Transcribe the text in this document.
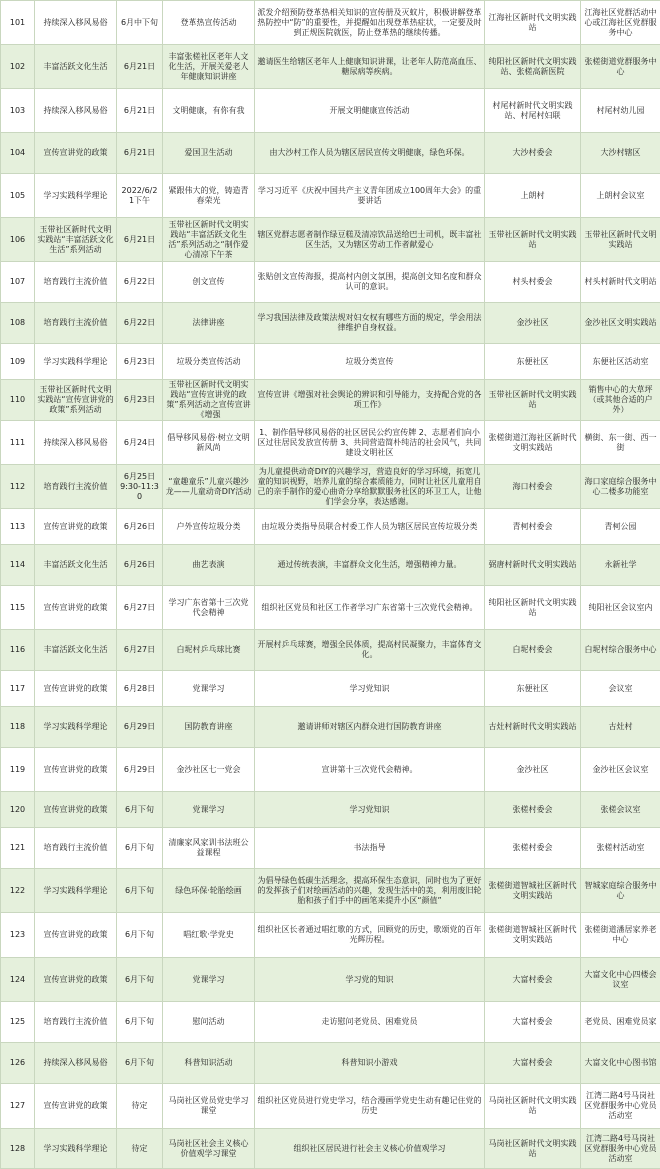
101	持续深入移风易俗	6月中下旬	登革热宣传活动	派发介绍预防登革热相关知识的宣传册及灭蚊片，积极讲解登革热防控中“防”的重要性，并提醒如出现登革热症状，一定要及时到正规医院就医，防止登革热的继续传播。	江海社区新时代文明实践站	江海社区党群活动中心或江海社区党群服务中心
102	丰富活跃文化生活	6月21日	丰富张槎社区老年人文化生活，开展关爱老人年健康知识讲座	邀请医生给辖区老年人上健康知识讲课，让老年人防范高血压、糖尿病等疾病。	纯阳社区新时代文明实践站、张槎高新医院	张槎街道党群服务中心
103	持续深入移风易俗	6月21日	文明健康，有你有我	开展文明健康宣传活动	村尾村新时代文明实践站、村尾村妇联	村尾村幼儿园
104	宣传宣讲党的政策	6月21日	爱国卫生活动	由大沙村工作人员为辖区居民宣传文明健康，绿色环保。	大沙村委会	大沙村辖区
105	学习实践科学理论	2022/6/21下午	紧跟伟大的党，铸造青春荣光	学习习近平《庆祝中国共产主义青年团成立100周年大会》的重要讲话	上朗村	上朗村会议室
106	玉带社区新时代文明实践站“丰富活跃文化生活”系列活动	6月21日	玉带社区新时代文明实践站“丰富活跃文化生活”系列活动之“制作爱心清凉下午茶	辖区党群志愿者制作绿豆糕及清凉饮品送给巴士司机，既丰富社区生活，又为辖区劳动工作者献爱心	玉带社区新时代文明实践站	玉带社区新时代文明实践站
107	培育践行主流价值	6月22日	创文宣传	张贴创文宣传海报，提高村内创文氛围，提高创文知名度和群众认可的意识。	村头村委会	村头村新时代文明站
108	培育践行主流价值	6月22日	法律讲座	学习我国法律及政策法规对妇女权有哪些方面的规定，学会用法律维护自身权益。	金沙社区	金沙社区文明实践站
109	学习实践科学理论	6月23日	垃圾分类宣传活动	垃圾分类宣传	东便社区	东便社区活动室
110	玉带社区新时代文明实践站“宣传宣讲党的政策”系列活动	6月23日	玉带社区新时代文明实践站“宣传宣讲党的政策”系列活动之宣传宣讲《增强	宣传宣讲《增强对社会舆论的辨识和引导能力，支持配合党的各项工作》	玉带社区新时代文明实践站	销售中心的大草坪（或其他合适的户外）
111	持续深入移风易俗	6月24日	倡导移风易俗·树立文明新风尚	1、制作倡导移风易俗的社区居民公约宣传牌 2、志愿者们向小区过往居民发放宣传册 3、共同营造简朴纯洁的社会风气，共同建设文明社区	张槎街道江海社区新时代文明实践站	横街、东一街、西一街
112	培育践行主流价值	6月25日 9:30-11:30	“童趣童乐”儿童兴趣沙龙——儿童动奇DIY活动	为儿童提供动奇DIY的兴趣学习，营造良好的学习环境，拓宽儿童的知识视野，培养儿童的综合素质能力，同时让社区儿童用自己的亲手制作的爱心曲奇分享给默默服务社区的环卫工人，让他们学会分享，表达感谢。	海口村委会	海口家庭综合服务中心二楼多功能室
113	宣传宣讲党的政策	6月26日	户外宣传垃圾分类	由垃圾分类指导员联合村委工作人员为辖区居民宣传垃圾分类	青柯村委会	青柯公园
114	丰富活跃文化生活	6月26日	曲艺表演	通过传统表演，丰富群众文化生活，增强精神力量。	弼唐村新时代文明实践站	永新社学
115	宣传宣讲党的政策	6月27日	学习广东省第十三次党代会精神	组织社区党员和社区工作者学习广东省第十三次党代会精神。	纯阳社区新时代文明实践站	纯阳社区会议室内
116	丰富活跃文化生活	6月27日	白坭村乒乓球比赛	开展村乒乓球赛，增强全民体质，提高村民凝聚力，丰富体育文化。	白坭村委会	白坭村综合服务中心
117	宣传宣讲党的政策	6月28日	党课学习	学习党知识	东便社区	会议室
118	学习实践科学理论	6月29日	国防教育讲座	邀请讲师对辖区内群众进行国防教育讲座	古灶村新时代文明实践站	古灶村
119	宣传宣讲党的政策	6月29日	金沙社区七一党会	宣讲第十三次党代会精神。	金沙社区	金沙社区会议室
120	宣传宣讲党的政策	6月下旬	党课学习	学习党知识	张槎村委会	张槎会议室
121	培育践行主流价值	6月下旬	清廉家风家训书法班公益课程	书法指导	张槎村委会	张槎村活动室
122	学习实践科学理论	6月下旬	绿色环保·轮胎绘画	为倡导绿色低碳生活理念，提高环保生态意识，同时也为了更好的发挥孩子们对绘画活动的兴趣，发现生活中的美，利用废旧轮胎和孩子们手中的画笔来提升小区“颜值”	张槎街道智城社区新时代文明实践站	智城家庭综合服务中心
123	宣传宣讲党的政策	6月下旬	唱红歌·学党史	组织社区长者通过唱红歌的方式，回顾党的历史，歌颂党的百年光辉历程。	张槎街道智城社区新时代文明实践站	张槎街道潘居家养老中心
124	宣传宣讲党的政策	6月下旬	党课学习	学习党的知识	大富村委会	大富文化中心四楼会议室
125	培育践行主流价值	6月下旬	慰问活动	走访慰问老党员、困难党员	大富村委会	老党员、困难党员家
126	持续深入移风易俗	6月下旬	科普知识活动	科普知识小游戏	大富村委会	大富文化中心图书馆
127	宣传宣讲党的政策	待定	马岗社区党员党史学习课堂	组织社区党员进行党史学习，结合漫画学党史生动有趣记住党的历史	马岗社区新时代文明实践站	江湾二路4号马岗社区党群服务中心党员活动室
128	学习实践科学理论	待定	马岗社区社会主义核心价值观学习课堂	组织社区居民进行社会主义核心价值观学习	马岗社区新时代文明实践站	江湾二路4号马岗社区党群服务中心党员活动室
